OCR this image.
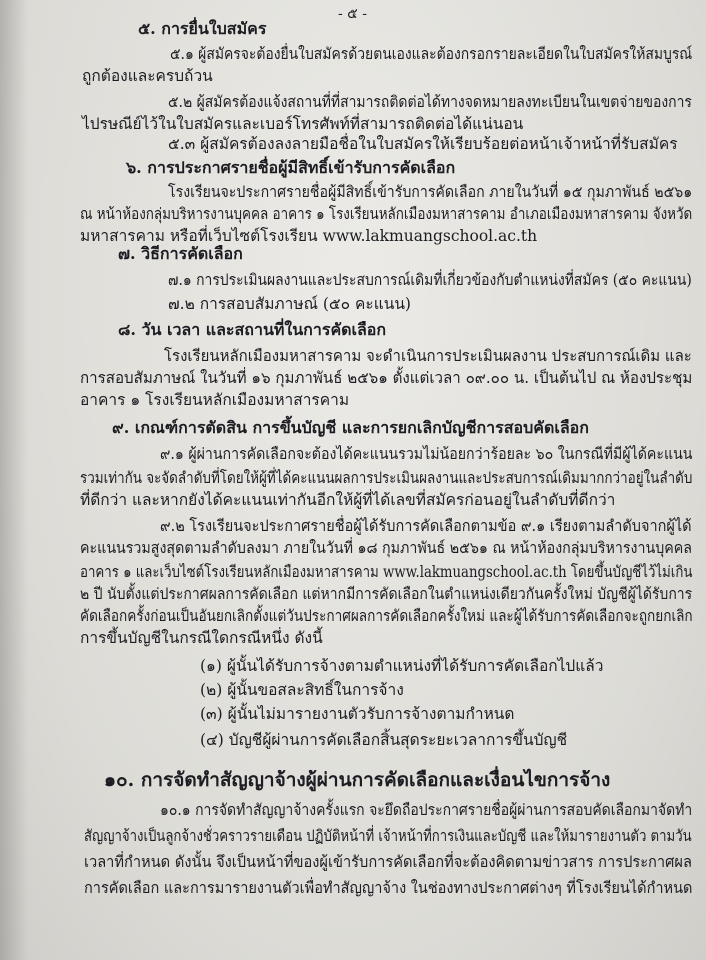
- ๕ -
๕. การยื่นใบสมัคร
๕.๑ ผู้สมัครจะต้องยื่นใบสมัครด้วยตนเองและต้องกรอกรายละเอียดในใบสมัครให้สมบูรณ์
ถูกต้องและครบถ้วน
๕.๒ ผู้สมัครต้องแจ้งสถานที่ที่สามารถติดต่อได้ทางจดหมายลงทะเบียนในเขตจ่ายของการ
ไปรษณีย์ไว้ในใบสมัครและเบอร์โทรศัพท์ที่สามารถติดต่อได้แน่นอน
๕.๓ ผู้สมัครต้องลงลายมือชื่อในใบสมัครให้เรียบร้อยต่อหน้าเจ้าหน้าที่รับสมัคร
๖. การประกาศรายชื่อผู้มีสิทธิ์เข้ารับการคัดเลือก
โรงเรียนจะประกาศรายชื่อผู้มีสิทธิ์เข้ารับการคัดเลือก ภายในวันที่ ๑๕ กุมภาพันธ์ ๒๕๖๑
ณ หน้าห้องกลุ่มบริหารงานบุคคล อาคาร ๑ โรงเรียนหลักเมืองมหาสารคาม อำเภอเมืองมหาสารคาม จังหวัด
มหาสารคาม หรือที่เว็บไซต์โรงเรียน www.lakmuangschool.ac.th
๗. วิธีการคัดเลือก
๗.๑ การประเมินผลงานและประสบการณ์เดิมที่เกี่ยวข้องกับตำแหน่งที่สมัคร (๕๐ คะแนน)
๗.๒ การสอบสัมภาษณ์ (๕๐ คะแนน)
๘. วัน เวลา และสถานที่ในการคัดเลือก
โรงเรียนหลักเมืองมหาสารคาม จะดำเนินการประเมินผลงาน ประสบการณ์เดิม และ
การสอบสัมภาษณ์ ในวันที่ ๑๖ กุมภาพันธ์ ๒๕๖๑ ตั้งแต่เวลา ๐๙.๐๐ น. เป็นต้นไป ณ ห้องประชุม
อาคาร ๑ โรงเรียนหลักเมืองมหาสารคาม
๙. เกณฑ์การตัดสิน การขึ้นบัญชี และการยกเลิกบัญชีการสอบคัดเลือก
๙.๑ ผู้ผ่านการคัดเลือกจะต้องได้คะแนนรวมไม่น้อยกว่าร้อยละ ๖๐ ในกรณีที่มีผู้ได้คะแนน
รวมเท่ากัน จะจัดลำดับที่โดยให้ผู้ที่ได้คะแนนผลการประเมินผลงานและประสบการณ์เดิมมากกว่าอยู่ในลำดับ
ที่ดีกว่า และหากยังได้คะแนนเท่ากันอีกให้ผู้ที่ได้เลขที่สมัครก่อนอยู่ในลำดับที่ดีกว่า
๙.๒ โรงเรียนจะประกาศรายชื่อผู้ได้รับการคัดเลือกตามข้อ ๙.๑ เรียงตามลำดับจากผู้ได้
คะแนนรวมสูงสุดตามลำดับลงมา ภายในวันที่ ๑๘ กุมภาพันธ์ ๒๕๖๑ ณ หน้าห้องกลุ่มบริหารงานบุคคล
อาคาร ๑ และเว็บไซต์โรงเรียนหลักเมืองมหาสารคาม www.lakmuangschool.ac.th โดยขึ้นบัญชีไว้ไม่เกิน
๒ ปี นับตั้งแต่ประกาศผลการคัดเลือก แต่หากมีการคัดเลือกในตำแหน่งเดียวกันครั้งใหม่ บัญชีผู้ได้รับการ
คัดเลือกครั้งก่อนเป็นอันยกเลิกตั้งแต่วันประกาศผลการคัดเลือกครั้งใหม่ และผู้ได้รับการคัดเลือกจะถูกยกเลิก
การขึ้นบัญชีในกรณีใดกรณีหนึ่ง ดังนี้
(๑) ผู้นั้นได้รับการจ้างตามตำแหน่งที่ได้รับการคัดเลือกไปแล้ว
(๒) ผู้นั้นขอสละสิทธิ์ในการจ้าง
(๓) ผู้นั้นไม่มารายงานตัวรับการจ้างตามกำหนด
(๔) บัญชีผู้ผ่านการคัดเลือกสิ้นสุดระยะเวลาการขึ้นบัญชี
๑๐. การจัดทำสัญญาจ้างผู้ผ่านการคัดเลือกและเงื่อนไขการจ้าง
๑๐.๑ การจัดทำสัญญาจ้างครั้งแรก จะยึดถือประกาศรายชื่อผู้ผ่านการสอบคัดเลือกมาจัดทำ
สัญญาจ้างเป็นลูกจ้างชั่วคราวรายเดือน ปฏิบัติหน้าที่ เจ้าหน้าที่การเงินและบัญชี และให้มารายงานตัว ตามวัน
เวลาที่กำหนด ดังนั้น จึงเป็นหน้าที่ของผู้เข้ารับการคัดเลือกที่จะต้องคิดตามข่าวสาร การประกาศผล
การคัดเลือก และการมารายงานตัวเพื่อทำสัญญาจ้าง ในช่องทางประกาศต่างๆ ที่โรงเรียนได้กำหนด
